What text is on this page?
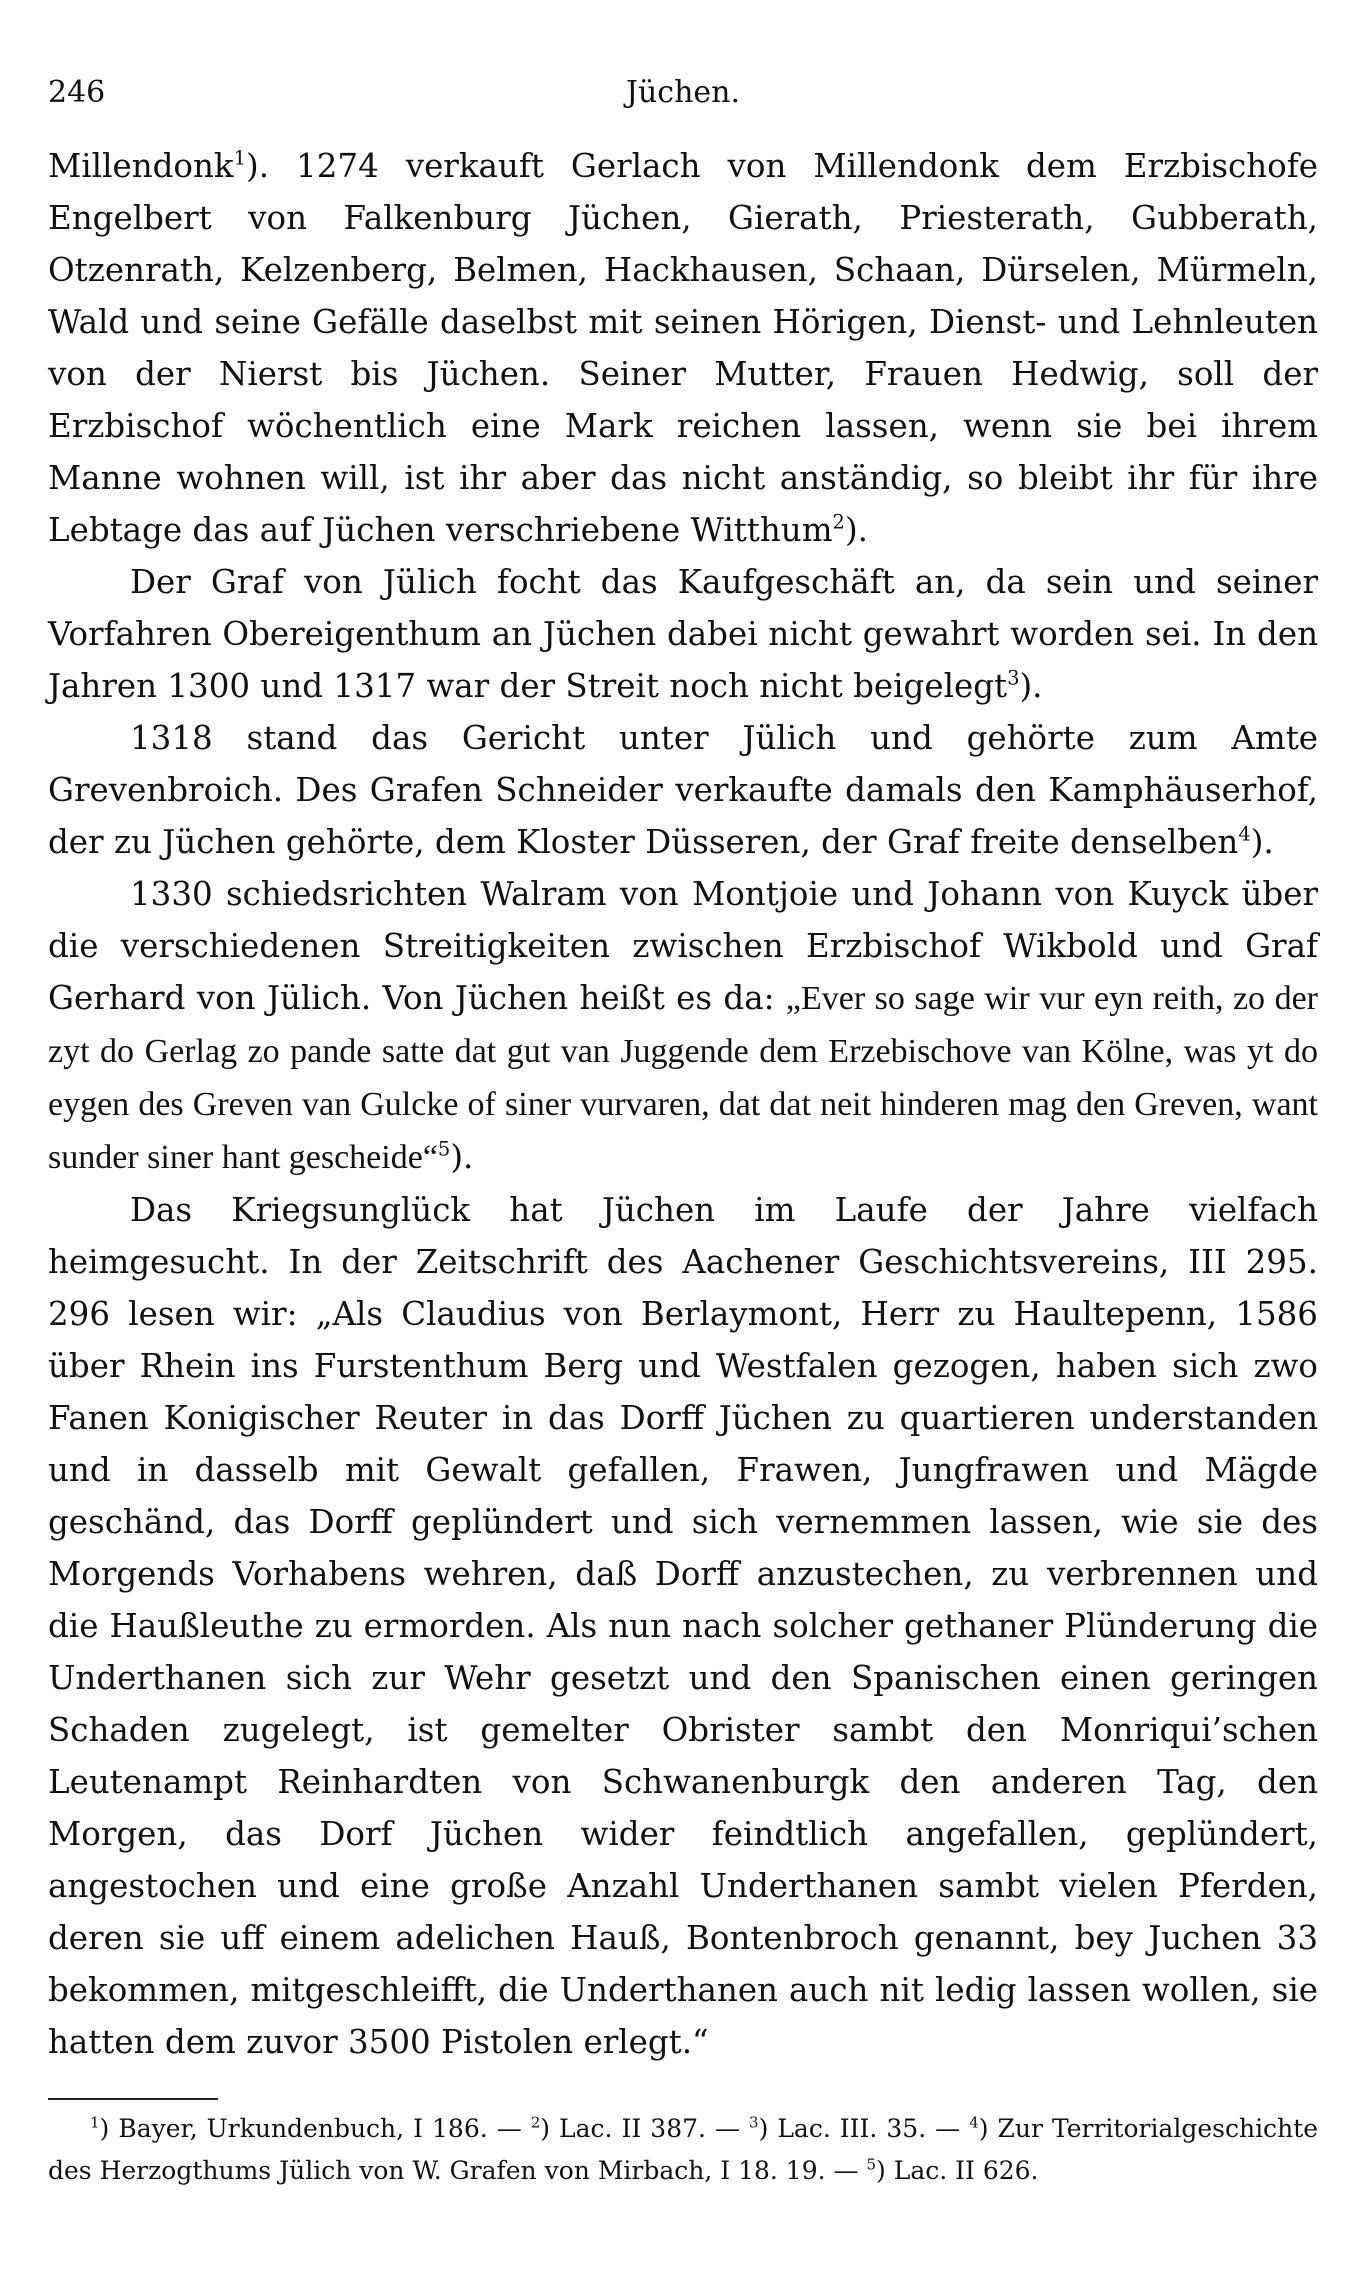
246	Jüchen.

Millendonk$^1$). 1274 verkauft Gerlach von Millendonk dem Erzbischofe Engelbert von Falkenburg Jüchen, Gierath, Priesterath, Gubberath, Otzenrath, Kelzenberg, Belmen, Hackhausen, Schaan, Dürselen, Mürmeln, Wald und seine Gefälle daselbst mit seinen Hörigen, Dienst- und Lehnleuten von der Nierst bis Jüchen. Seiner Mutter, Frauen Hedwig, soll der Erzbischof wöchentlich eine Mark reichen lassen, wenn sie bei ihrem Manne wohnen will, ist ihr aber das nicht anständig, so bleibt ihr für ihre Lebtage das auf Jüchen verschriebene Witthum$^2$).

Der Graf von Jülich focht das Kaufgeschäft an, da sein und seiner Vorfahren Obereigenthum an Jüchen dabei nicht gewahrt worden sei. In den Jahren 1300 und 1317 war der Streit noch nicht beigelegt$^3$).

1318 stand das Gericht unter Jülich und gehörte zum Amte Grevenbroich. Des Grafen Schneider verkaufte damals den Kamphäuserhof, der zu Jüchen gehörte, dem Kloster Düsseren, der Graf freite denselben$^4$).

1330 schiedsrichten Walram von Montjoie und Johann von Kuyck über die verschiedenen Streitigkeiten zwischen Erzbischof Wikbold und Graf Gerhard von Jülich. Von Jüchen heißt es da: „Ever so sage wir vur eyn reith, zo der zyt do Gerlag zo pande satte dat gut van Juggende dem Erzebischove van Kölne, was yt do eygen des Greven van Gulcke of siner vurvaren, dat dat neit hinderen mag den Greven, want sunder siner hant gescheide“$^5$).

Das Kriegsunglück hat Jüchen im Laufe der Jahre vielfach heimgesucht. In der Zeitschrift des Aachener Geschichtsvereins, III 295. 296 lesen wir: „Als Claudius von Berlaymont, Herr zu Haultepenn, 1586 über Rhein ins Furstenthum Berg und Westfalen gezogen, haben sich zwo Fanen Konigischer Reuter in das Dorff Jüchen zu quartieren understanden und in dasselb mit Gewalt gefallen, Frawen, Jungfrawen und Mägde geschänd, das Dorff geplündert und sich vernemmen lassen, wie sie des Morgends Vorhabens wehren, daß Dorff anzustechen, zu verbrennen und die Haußleuthe zu ermorden. Als nun nach solcher gethaner Plünderung die Underthanen sich zur Wehr gesetzt und den Spanischen einen geringen Schaden zugelegt, ist gemelter Obrister sambt den Monriqui’schen Leutenampt Reinhardten von Schwanenburgk den anderen Tag, den Morgen, das Dorf Jüchen wider feindtlich angefallen, geplündert, angestochen und eine große Anzahl Underthanen sambt vielen Pferden, deren sie uff einem adelichen Hauß, Bontenbroch genannt, bey Juchen 33 bekommen, mitgeschleifft, die Underthanen auch nit ledig lassen wollen, sie hatten dem zuvor 3500 Pistolen erlegt.“

$^1$) Bayer, Urkundenbuch, I 186. — $^2$) Lac. II 387. — $^3$) Lac. III. 35. — $^4$) Zur Territorialgeschichte des Herzogthums Jülich von W. Grafen von Mirbach, I 18. 19. — $^5$) Lac. II 626.
